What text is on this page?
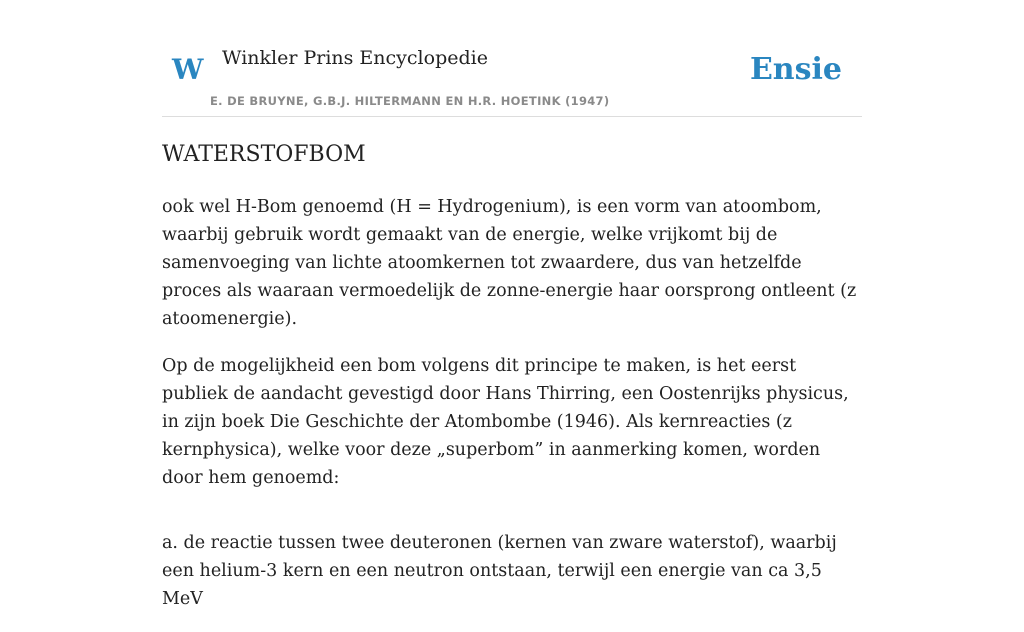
W Winkler Prins Encyclopedie
E. DE BRUYNE, G.B.J. HILTERMANN EN H.R. HOETINK (1947)
Ensie
WATERSTOFBOM

ook wel H-Bom genoemd (H = Hydrogenium), is een vorm van atoombom, waarbij gebruik wordt gemaakt van de energie, welke vrijkomt bij de samenvoeging van lichte atoomkernen tot zwaardere, dus van hetzelfde proces als waaraan vermoedelijk de zonne-energie haar oorsprong ontleent (z atoomenergie).

Op de mogelijkheid een bom volgens dit principe te maken, is het eerst publiek de aandacht gevestigd door Hans Thirring, een Oostenrijks physicus, in zijn boek Die Geschichte der Atombombe (1946). Als kernreacties (z kernphysica), welke voor deze „superbom” in aanmerking komen, worden door hem genoemd:

a. de reactie tussen twee deuteronen (kernen van zware waterstof), waarbij een helium-3 kern en een neutron ontstaan, terwijl een energie van ca 3,5 MeV
